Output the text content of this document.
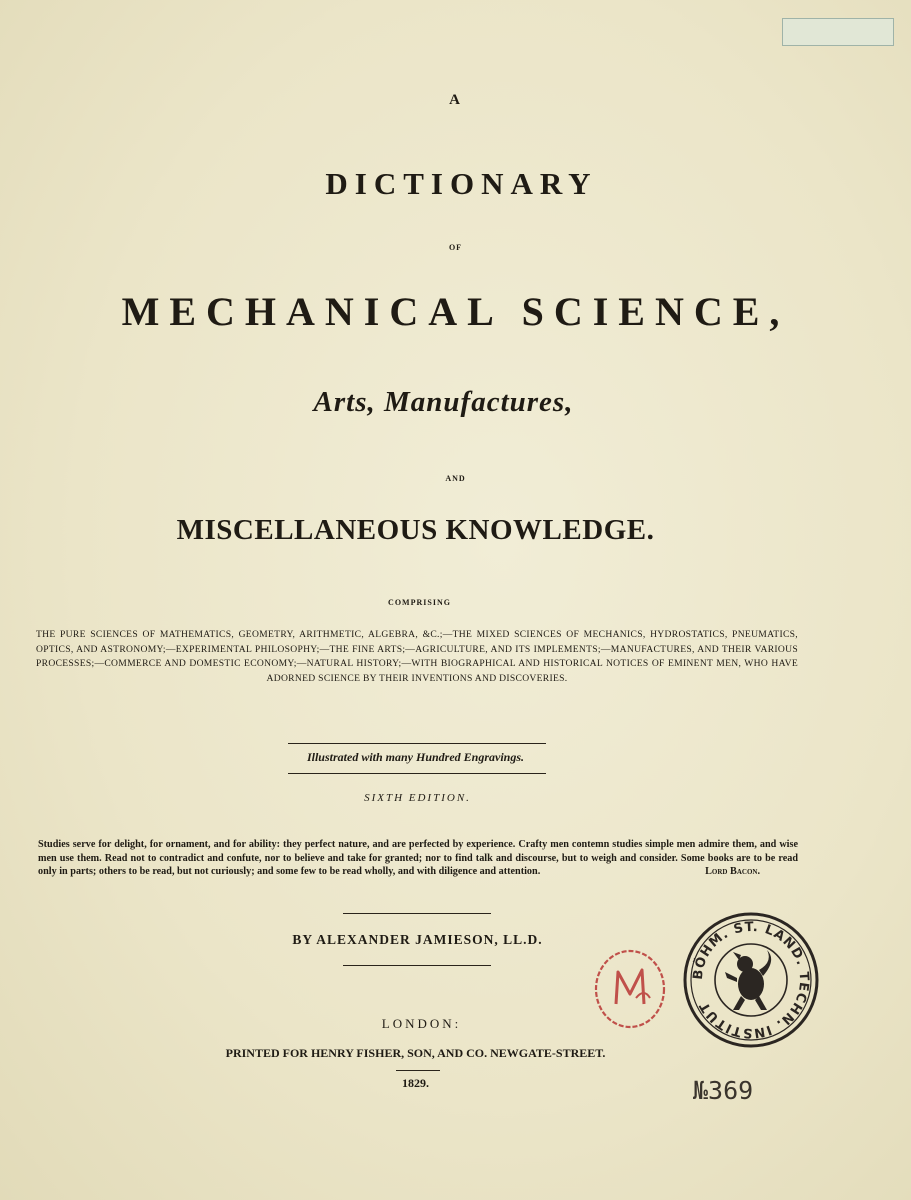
A
DICTIONARY
OF
MECHANICAL SCIENCE,
Arts, Manufactures,
AND
MISCELLANEOUS KNOWLEDGE.
COMPRISING
THE PURE SCIENCES OF MATHEMATICS, GEOMETRY, ARITHMETIC, ALGEBRA, &C.;—THE MIXED SCIENCES OF MECHANICS, HYDROSTATICS, PNEUMATICS, OPTICS, AND ASTRONOMY;—EXPERIMENTAL PHILOSOPHY;—THE FINE ARTS;—AGRICULTURE, AND ITS IMPLEMENTS;—MANUFACTURES, AND THEIR VARIOUS PROCESSES;—COMMERCE AND DOMESTIC ECONOMY;—NATURAL HISTORY;—WITH BIOGRAPHICAL AND HISTORICAL NOTICES OF EMINENT MEN, WHO HAVE ADORNED SCIENCE BY THEIR INVENTIONS AND DISCOVERIES.
Illustrated with many Hundred Engravings.
SIXTH EDITION.
Studies serve for delight, for ornament, and for ability: they perfect nature, and are perfected by experience. Crafty men contemn studies simple men admire them, and wise men use them. Read not to contradict and confute, nor to believe and take for granted; nor to find talk and discourse, but to weigh and consider. Some books are to be read only in parts; others to be read, but not curiously; and some few to be read wholly, and with diligence and attention.	Lord Bacon.
BY ALEXANDER JAMIESON, LL.D.
LONDON:
PRINTED FOR HENRY FISHER, SON, AND CO. NEWGATE-STREET.
1829.
BÖHM. ST. LAND. TECHN. INSTITUT
№369
